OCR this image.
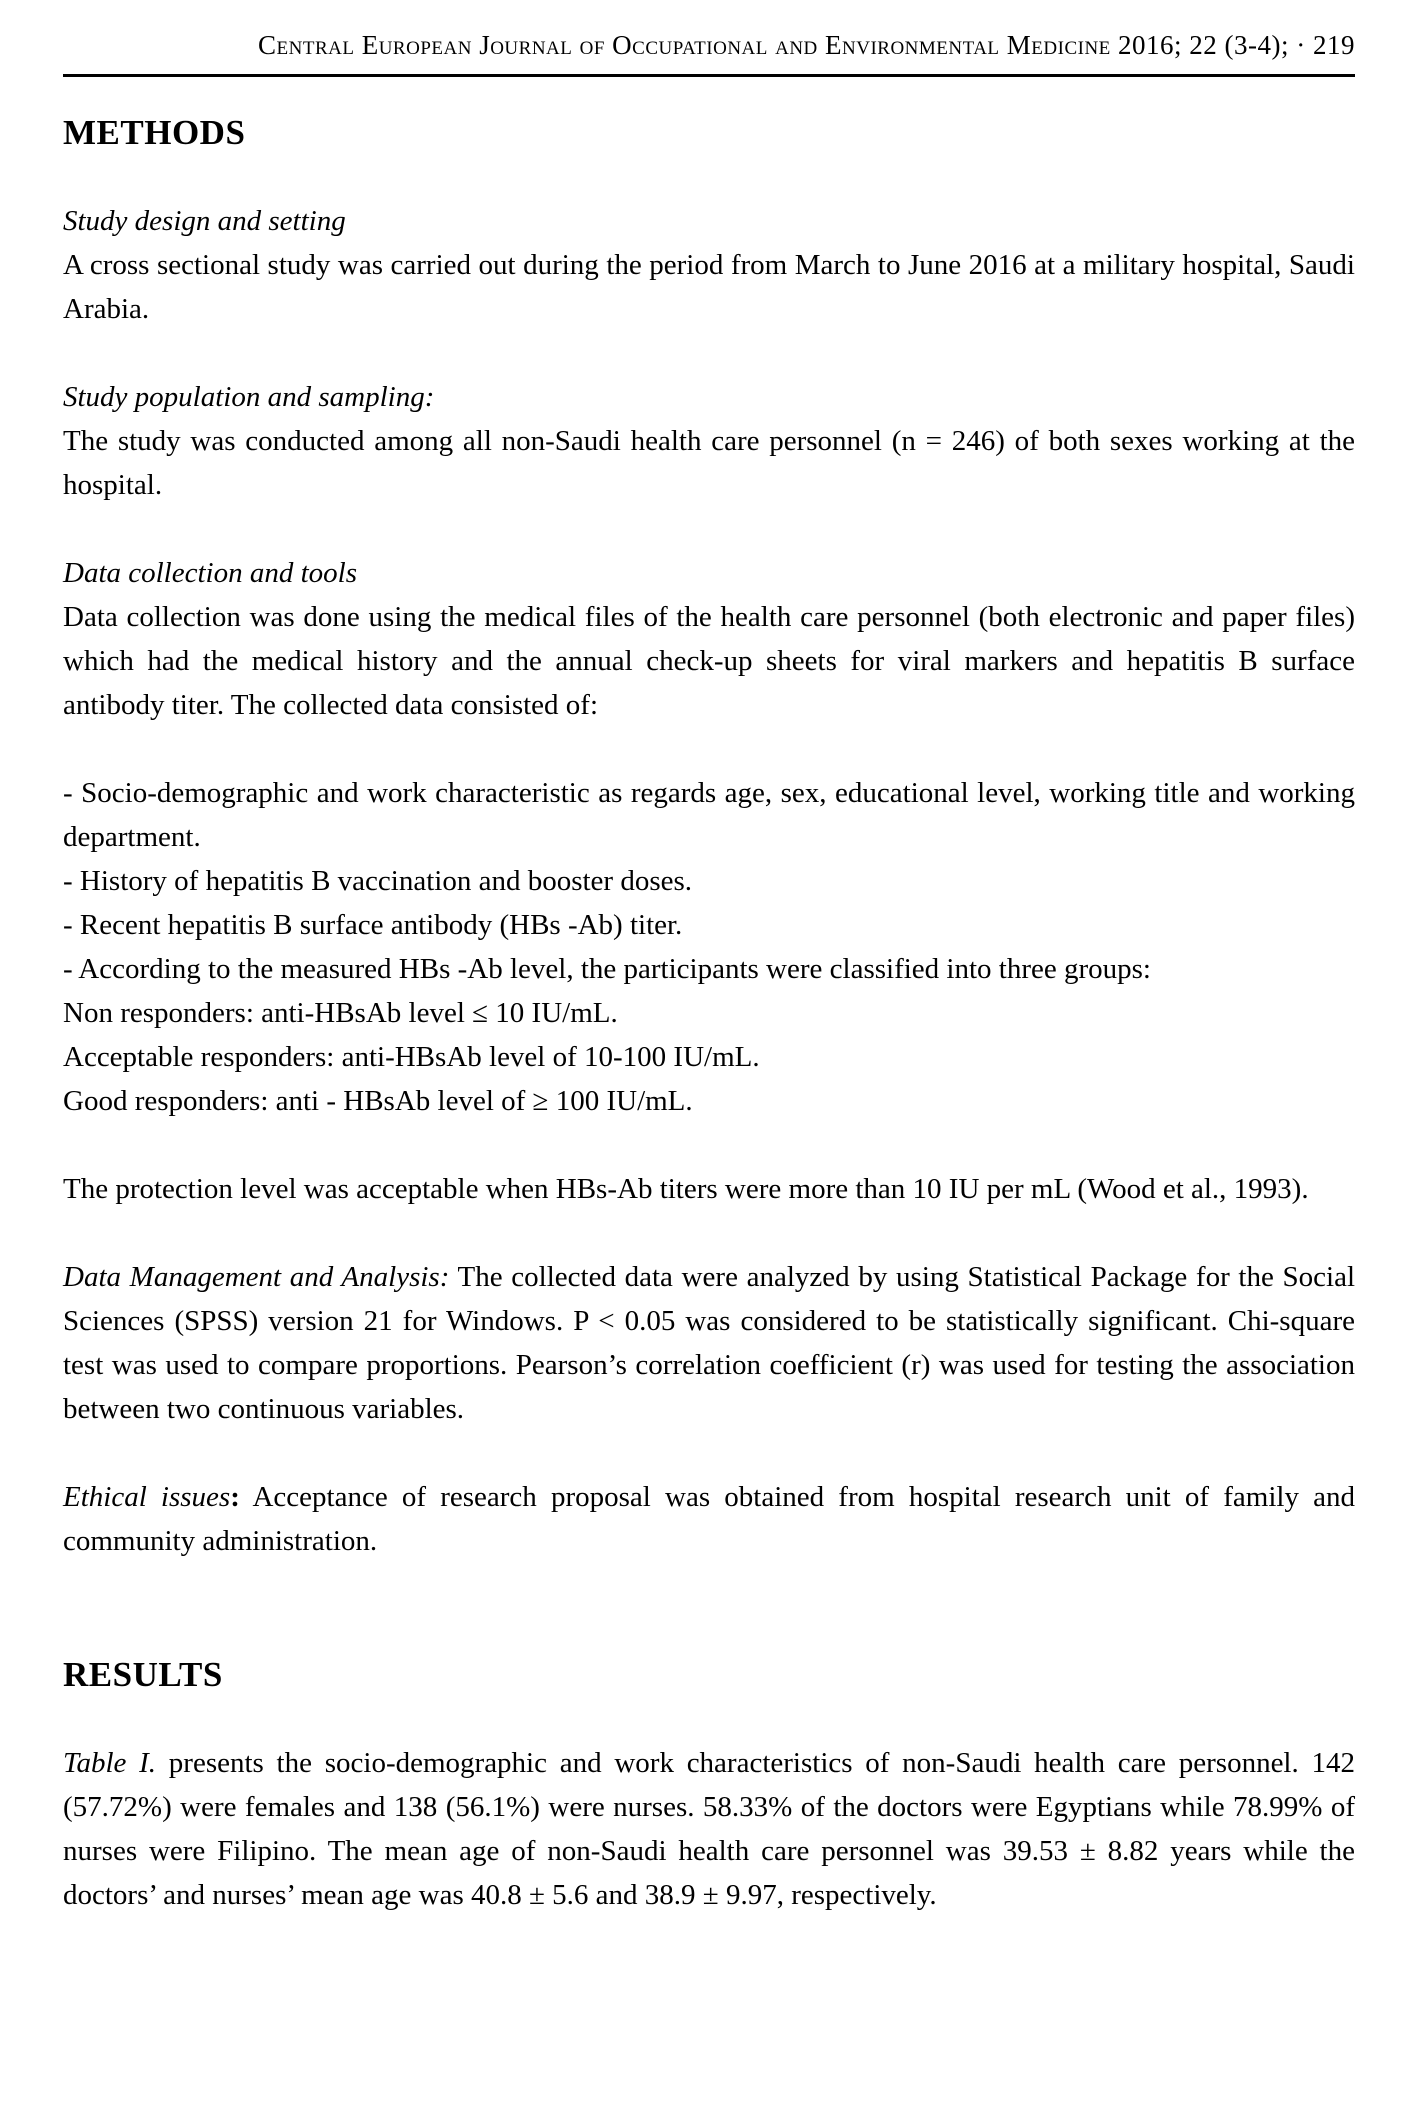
Central European Journal of Occupational and Environmental Medicine 2016; 22 (3-4); · 219
METHODS

Study design and setting

A cross sectional study was carried out during the period from March to June 2016 at a military hospital, Saudi Arabia.

Study population and sampling:

The study was conducted among all non-Saudi health care personnel (n = 246) of both sexes working at the hospital.

Data collection and tools

Data collection was done using the medical files of the health care personnel (both electronic and paper files) which had the medical history and the annual check-up sheets for viral markers and hepatitis B surface antibody titer. The collected data consisted of:

- Socio-demographic and work characteristic as regards age, sex, educational level, working title and working department.

- History of hepatitis B vaccination and booster doses.

- Recent hepatitis B surface antibody (HBs -Ab) titer.

- According to the measured HBs -Ab level, the participants were classified into three groups:

Non responders: anti-HBsAb level ≤ 10 IU/mL.

Acceptable responders: anti-HBsAb level of 10-100 IU/mL.

Good responders: anti - HBsAb level of ≥ 100 IU/mL.

The protection level was acceptable when HBs-Ab titers were more than 10 IU per mL (Wood et al., 1993).

Data Management and Analysis: The collected data were analyzed by using Statistical Package for the Social Sciences (SPSS) version 21 for Windows. P < 0.05 was considered to be statistically significant. Chi-square test was used to compare proportions. Pearson’s correlation coefficient (r) was used for testing the association between two continuous variables.

Ethical issues: Acceptance of research proposal was obtained from hospital research unit of family and community administration.

RESULTS

Table I. presents the socio-demographic and work characteristics of non-Saudi health care personnel. 142 (57.72%) were females and 138 (56.1%) were nurses. 58.33% of the doctors were Egyptians while 78.99% of nurses were Filipino. The mean age of non-Saudi health care personnel was 39.53 ± 8.82 years while the doctors’ and nurses’ mean age was 40.8 ± 5.6 and 38.9 ± 9.97, respectively.
